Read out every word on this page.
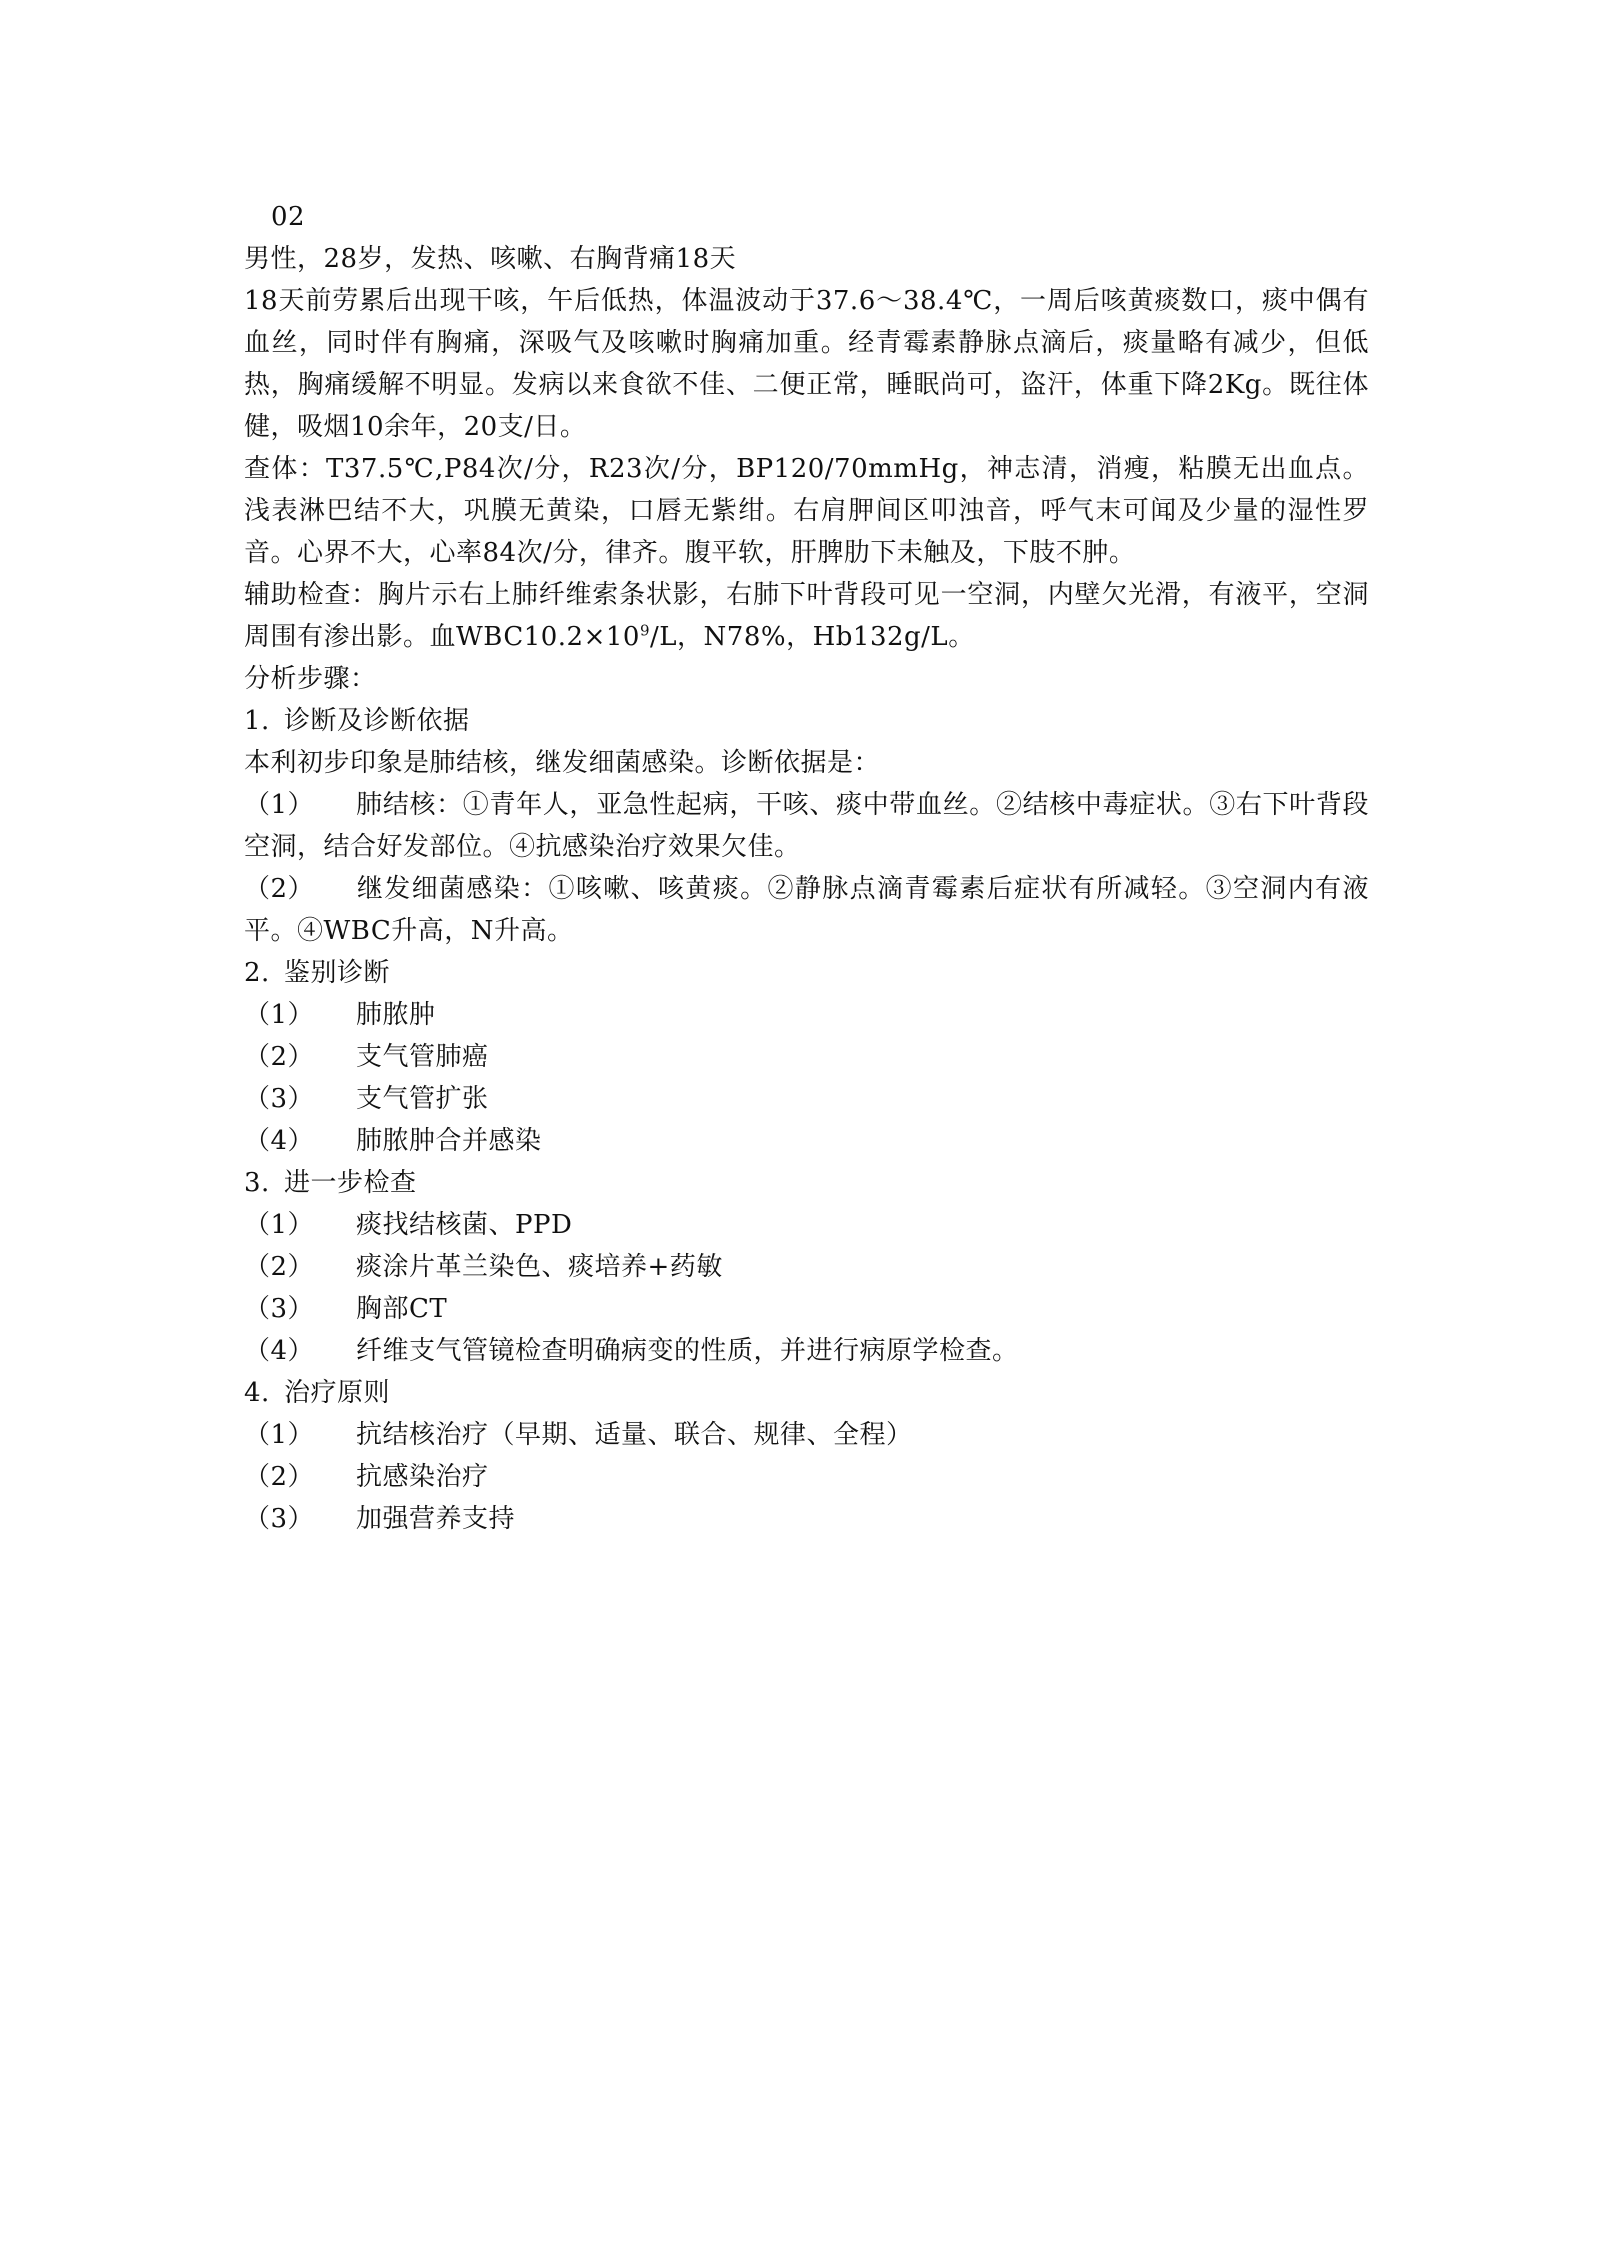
02
男性，28岁，发热、咳嗽、右胸背痛18天
18天前劳累后出现干咳，午后低热，体温波动于37.6～38.4℃，一周后咳黄痰数口，痰中偶有血丝，同时伴有胸痛，深吸气及咳嗽时胸痛加重。经青霉素静脉点滴后，痰量略有减少，但低热，胸痛缓解不明显。发病以来食欲不佳、二便正常，睡眠尚可，盗汗，体重下降2Kg。既往体健，吸烟10余年，20支/日。
查体：T37.5℃,P84次/分，R23次/分，BP120/70mmHg，神志清，消瘦，粘膜无出血点。浅表淋巴结不大，巩膜无黄染，口唇无紫绀。右肩胛间区叩浊音，呼气末可闻及少量的湿性罗音。心界不大，心率84次/分，律齐。腹平软，肝脾肋下未触及，下肢不肿。
辅助检查：胸片示右上肺纤维索条状影，右肺下叶背段可见一空洞，内壁欠光滑，有液平，空洞周围有渗出影。血$WBC10.2\times 10^9/L$，N78%，Hb132g/L。
分析步骤：
1. 诊断及诊断依据
本利初步印象是肺结核，继发细菌感染。诊断依据是：
（1） 肺结核：①青年人，亚急性起病，干咳、痰中带血丝。②结核中毒症状。③右下叶背段空洞，结合好发部位。④抗感染治疗效果欠佳。
（2） 继发细菌感染：①咳嗽、咳黄痰。②静脉点滴青霉素后症状有所减轻。③空洞内有液平。④WBC升高，N升高。
2. 鉴别诊断
（1） 肺脓肿
（2） 支气管肺癌
（3） 支气管扩张
（4） 肺脓肿合并感染
3. 进一步检查
（1） 痰找结核菌、PPD
（2） 痰涂片革兰染色、痰培养+药敏
（3） 胸部CT
（4） 纤维支气管镜检查明确病变的性质，并进行病原学检查。
4. 治疗原则
（1） 抗结核治疗（早期、适量、联合、规律、全程）
（2） 抗感染治疗
（3） 加强营养支持
